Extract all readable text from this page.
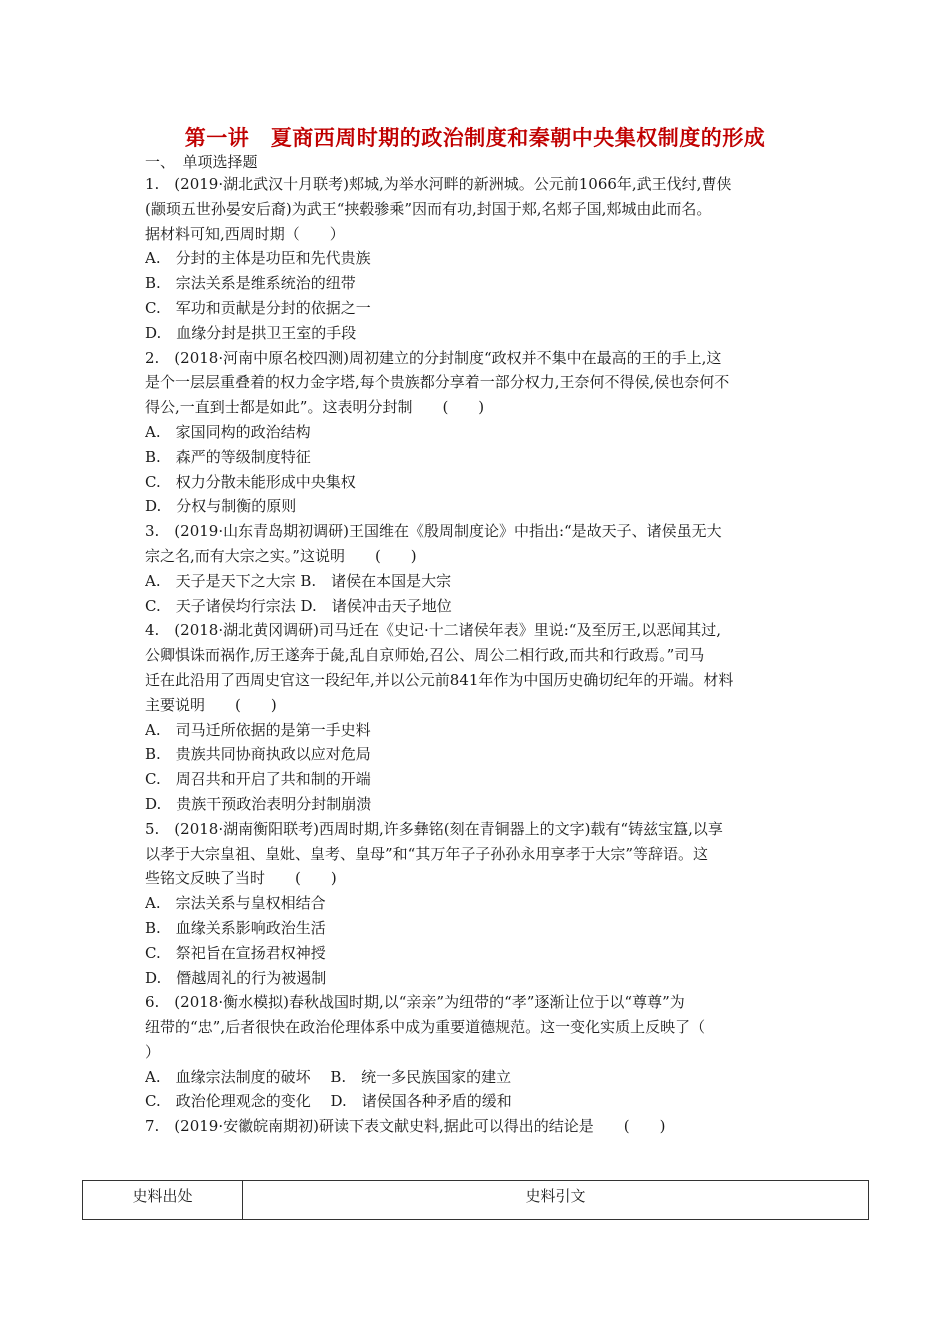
第一讲　夏商西周时期的政治制度和秦朝中央集权制度的形成
一、　单项选择题
1.　(2019·湖北武汉十月联考)郏城,为举水河畔的新洲城。公元前1066年,武王伐纣,曹侠
(颛顼五世孙晏安后裔)为武王“挟毂骖乘”因而有功,封国于郏,名郏子国,郏城由此而名。
据材料可知,西周时期（　　）
A.　分封的主体是功臣和先代贵族
B.　宗法关系是维系统治的纽带
C.　军功和贡献是分封的依据之一
D.　血缘分封是拱卫王室的手段
2.　(2018·河南中原名校四测)周初建立的分封制度“政权并不集中在最高的王的手上,这
是个一层层重叠着的权力金字塔,每个贵族都分享着一部分权力,王奈何不得侯,侯也奈何不
得公,一直到士都是如此”。这表明分封制　　(　　)
A.　家国同构的政治结构
B.　森严的等级制度特征
C.　权力分散未能形成中央集权
D.　分权与制衡的原则
3.　(2019·山东青岛期初调研)王国维在《殷周制度论》中指出:“是故天子、诸侯虽无大
宗之名,而有大宗之实。”这说明　　(　　)
A.　天子是天下之大宗 B.　诸侯在本国是大宗
C.　天子诸侯均行宗法 D.　诸侯冲击天子地位
4.　(2018·湖北黄冈调研)司马迁在《史记·十二诸侯年表》里说:“及至厉王,以恶闻其过,
公卿惧诛而祸作,厉王遂奔于彘,乱自京师始,召公、周公二相行政,而共和行政焉。”司马
迁在此沿用了西周史官这一段纪年,并以公元前841年作为中国历史确切纪年的开端。材料
主要说明　　(　　)
A.　司马迁所依据的是第一手史料
B.　贵族共同协商执政以应对危局
C.　周召共和开启了共和制的开端
D.　贵族干预政治表明分封制崩溃
5.　(2018·湖南衡阳联考)西周时期,许多彝铭(刻在青铜器上的文字)载有“铸兹宝簋,以享
以孝于大宗皇祖、皇妣、皇考、皇母”和“其万年子子孙孙永用享孝于大宗”等辞语。这
些铭文反映了当时　　(　　)
A.　宗法关系与皇权相结合
B.　血缘关系影响政治生活
C.　祭祀旨在宣扬君权神授
D.　僭越周礼的行为被遏制
6.　(2018·衡水模拟)春秋战国时期,以“亲亲”为纽带的“孝”逐渐让位于以“尊尊”为
纽带的“忠”,后者很快在政治伦理体系中成为重要道德规范。这一变化实质上反映了（
）
A.　血缘宗法制度的破坏　 B.　统一多民族国家的建立
C.　政治伦理观念的变化　 D.　诸侯国各种矛盾的缓和
7.　(2019·安徽皖南期初)研读下表文献史料,据此可以得出的结论是　　(　　)
史料出处	史料引文
